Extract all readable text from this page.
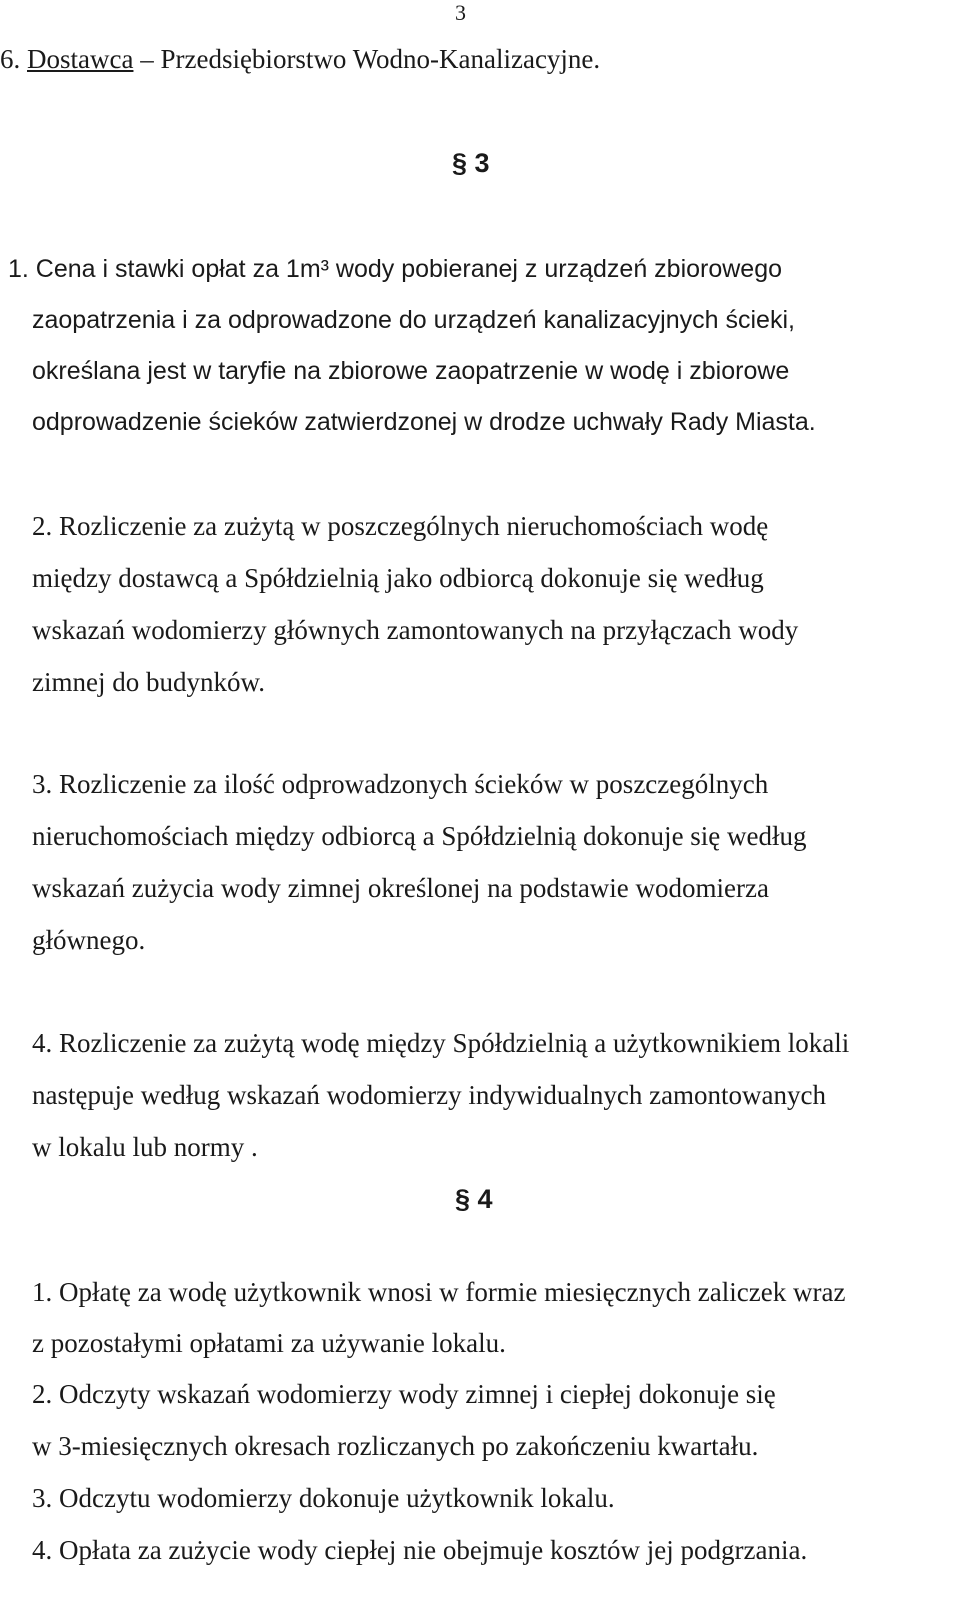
3
6. Dostawca – Przedsiębiorstwo Wodno-Kanalizacyjne.
§ 3
1. Cena i stawki opłat za 1m³ wody pobieranej z urządzeń zbiorowego
zaopatrzenia i za odprowadzone do urządzeń kanalizacyjnych ścieki,
określana jest w taryfie na zbiorowe zaopatrzenie w wodę i zbiorowe
odprowadzenie ścieków zatwierdzonej w drodze uchwały Rady Miasta.
2. Rozliczenie za zużytą w poszczególnych nieruchomościach wodę
między dostawcą a Spółdzielnią jako odbiorcą dokonuje się według
wskazań wodomierzy głównych zamontowanych na przyłączach wody
zimnej do budynków.
3. Rozliczenie za ilość odprowadzonych ścieków w poszczególnych
nieruchomościach między odbiorcą a Spółdzielnią dokonuje się według
wskazań zużycia wody zimnej określonej na podstawie wodomierza
głównego.
4. Rozliczenie za zużytą wodę między Spółdzielnią a użytkownikiem lokali
następuje według wskazań wodomierzy indywidualnych zamontowanych
w lokalu lub normy .
§ 4
1. Opłatę za wodę użytkownik wnosi w formie miesięcznych zaliczek wraz
z pozostałymi opłatami za używanie lokalu.
2. Odczyty wskazań wodomierzy wody zimnej i ciepłej dokonuje się
w 3-miesięcznych okresach rozliczanych po zakończeniu kwartału.
3. Odczytu wodomierzy dokonuje użytkownik lokalu.
4. Opłata za zużycie wody ciepłej nie obejmuje kosztów jej podgrzania.
